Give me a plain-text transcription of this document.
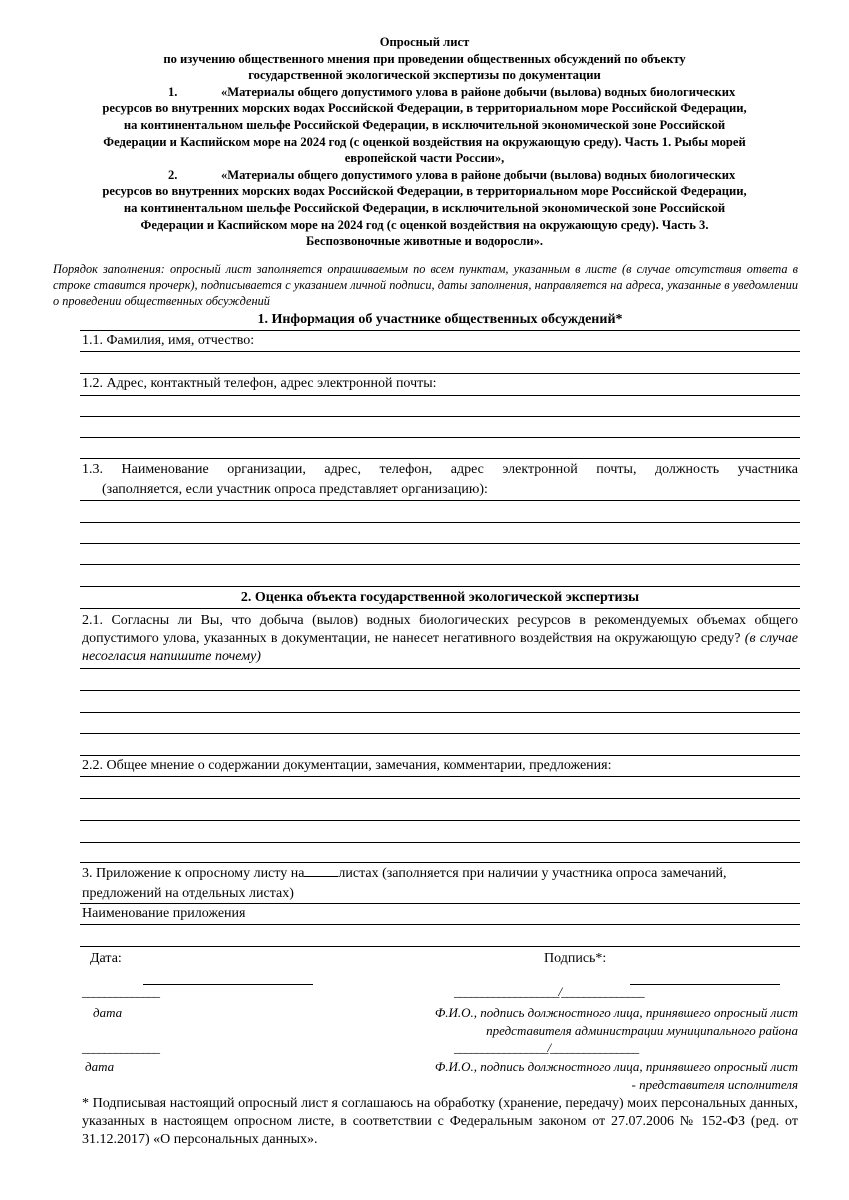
Опросный лист
по изучению общественного мнения при проведении общественных обсуждений по объекту
государственной экологической экспертизы по документации
1.	«Материалы общего допустимого улова в районе добычи (вылова) водных биологических
ресурсов во внутренних морских водах Российской Федерации, в территориальном море Российской Федерации,
на континентальном шельфе Российской Федерации, в исключительной экономической зоне Российской
Федерации и Каспийском море на 2024 год (с оценкой воздействия на окружающую среду). Часть 1. Рыбы морей
европейской части России»,
2.	«Материалы общего допустимого улова в районе добычи (вылова) водных биологических
ресурсов во внутренних морских водах Российской Федерации, в территориальном море Российской Федерации,
на континентальном шельфе Российской Федерации, в исключительной экономической зоне Российской
Федерации и Каспийском море на 2024 год (с оценкой воздействия на окружающую среду). Часть 3.
Беспозвоночные животные и водоросли».
Порядок заполнения: опросный лист заполняется опрашиваемым по всем пунктам, указанным в листе (в случае отсутствия ответа в строке ставится прочерк), подписывается с указанием личной подписи, даты заполнения, направляется на адреса, указанные в уведомлении о проведении общественных обсуждений
1. Информация об участнике общественных обсуждений*
1.1. Фамилия, имя, отчество:
1.2. Адрес, контактный телефон, адрес электронной почты:
1.3. Наименование организации, адрес, телефон, адрес электронной почты, должность участника
(заполняется, если участник опроса представляет организацию):
2. Оценка объекта государственной экологической экспертизы
2.1. Согласны ли Вы, что добыча (вылов) водных биологических ресурсов в рекомендуемых объемах общего допустимого улова, указанных в документации, не нанесет негативного воздействия на окружающую среду? (в случае несогласия напишите почему)
2.2. Общее мнение о содержании документации, замечания, комментарии, предложения:
3. Приложение к опросному листу на листах (заполняется при наличии у участника опроса замечаний,
предложений на отдельных листах)
Наименование приложения
Дата:	Подпись*:
______________	___________________/_______________
дата	Ф.И.О., подпись должностного лица, принявшего опросный лист
представителя администрации муниципального района
______________	_________________/________________
дата	Ф.И.О., подпись должностного лица, принявшего опросный лист
- представителя исполнителя
* Подписывая настоящий опросный лист я соглашаюсь на обработку (хранение, передачу) моих персональных данных, указанных в настоящем опросном листе, в соответствии с Федеральным законом от 27.07.2006 № 152-ФЗ (ред. от 31.12.2017) «О персональных данных».
